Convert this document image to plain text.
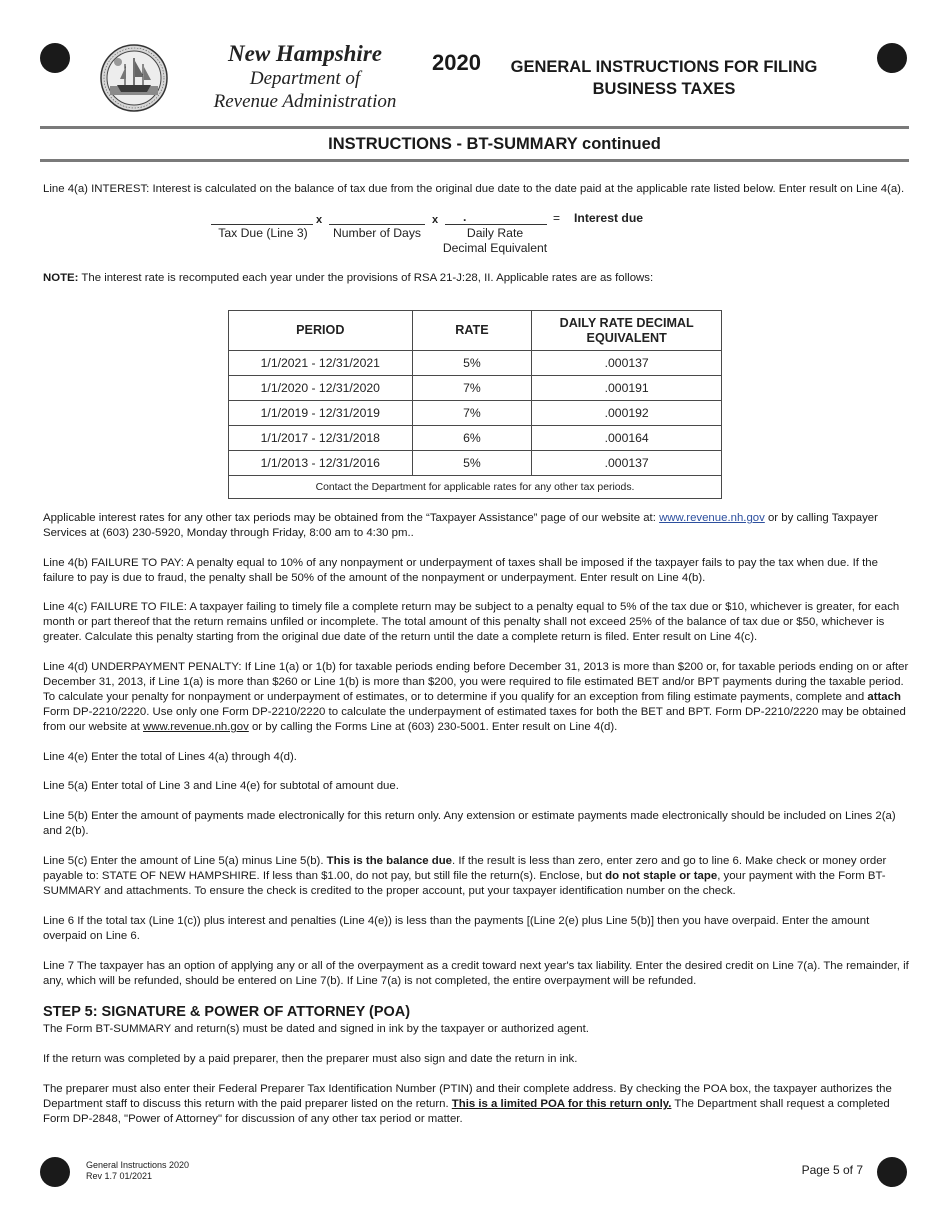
New Hampshire
Department of
Revenue Administration
2020	GENERAL INSTRUCTIONS FOR FILING
BUSINESS TAXES
INSTRUCTIONS - BT-SUMMARY continued
Line 4(a) INTEREST: Interest is calculated on the balance of tax due from the original due date to the date paid at the applicable rate listed below. Enter result on Line 4(a).
x	x .	= Interest due
Tax Due (Line 3)	Number of Days	Daily Rate
Decimal Equivalent
NOTE: The interest rate is recomputed each year under the provisions of RSA 21-J:28, II. Applicable rates are as follows:
PERIOD	RATE	DAILY RATE DECIMAL EQUIVALENT
1/1/2021 - 12/31/2021	5%	.000137
1/1/2020 - 12/31/2020	7%	.000191
1/1/2019 - 12/31/2019	7%	.000192
1/1/2017 - 12/31/2018	6%	.000164
1/1/2013 - 12/31/2016	5%	.000137
Contact the Department for applicable rates for any other tax periods.		
Applicable interest rates for any other tax periods may be obtained from the “Taxpayer Assistance” page of our website at: www.revenue.nh.gov or by calling Taxpayer Services at (603) 230-5920, Monday through Friday, 8:00 am to 4:30 pm..
Line 4(b) FAILURE TO PAY: A penalty equal to 10% of any nonpayment or underpayment of taxes shall be imposed if the taxpayer fails to pay the tax when due. If the failure to pay is due to fraud, the penalty shall be 50% of the amount of the nonpayment or underpayment. Enter result on Line 4(b).
Line 4(c) FAILURE TO FILE: A taxpayer failing to timely file a complete return may be subject to a penalty equal to 5% of the tax due or $10, whichever is greater, for each month or part thereof that the return remains unfiled or incomplete. The total amount of this penalty shall not exceed 25% of the balance of tax due or $50, whichever is greater. Calculate this penalty starting from the original due date of the return until the date a complete return is filed. Enter result on Line 4(c).
Line 4(d) UNDERPAYMENT PENALTY: If Line 1(a) or 1(b) for taxable periods ending before December 31, 2013 is more than $200 or, for taxable periods ending on or after December 31, 2013, if Line 1(a) is more than $260 or Line 1(b) is more than $200, you were required to file estimated BET and/or BPT payments during the taxable period. To calculate your penalty for nonpayment or underpayment of estimates, or to determine if you qualify for an exception from filing estimate payments, complete and attach Form DP-2210/2220. Use only one Form DP-2210/2220 to calculate the underpayment of estimated taxes for both the BET and BPT. Form DP-2210/2220 may be obtained from our website at www.revenue.nh.gov or by calling the Forms Line at (603) 230-5001. Enter result on Line 4(d).
Line 4(e) Enter the total of Lines 4(a) through 4(d).
Line 5(a) Enter total of Line 3 and Line 4(e) for subtotal of amount due.
Line 5(b) Enter the amount of payments made electronically for this return only. Any extension or estimate payments made electronically should be included on Lines 2(a) and 2(b).
Line 5(c) Enter the amount of Line 5(a) minus Line 5(b). This is the balance due. If the result is less than zero, enter zero and go to line 6. Make check or money order payable to: STATE OF NEW HAMPSHIRE. If less than $1.00, do not pay, but still file the return(s). Enclose, but do not staple or tape, your payment with the Form BT-SUMMARY and attachments. To ensure the check is credited to the proper account, put your taxpayer identification number on the check.
Line 6 If the total tax (Line 1(c)) plus interest and penalties (Line 4(e)) is less than the payments [(Line 2(e) plus Line 5(b)] then you have overpaid. Enter the amount overpaid on Line 6.
Line 7 The taxpayer has an option of applying any or all of the overpayment as a credit toward next year's tax liability. Enter the desired credit on Line 7(a). The remainder, if any, which will be refunded, should be entered on Line 7(b). If Line 7(a) is not completed, the entire overpayment will be refunded.
STEP 5: SIGNATURE & POWER OF ATTORNEY (POA)
The Form BT-SUMMARY and return(s) must be dated and signed in ink by the taxpayer or authorized agent.
If the return was completed by a paid preparer, then the preparer must also sign and date the return in ink.
The preparer must also enter their Federal Preparer Tax Identification Number (PTIN) and their complete address. By checking the POA box, the taxpayer authorizes the Department staff to discuss this return with the paid preparer listed on the return. This is a limited POA for this return only. The Department shall request a completed Form DP-2848, "Power of Attorney" for discussion of any other tax period or matter.
General Instructions 2020
Rev 1.7 01/2021	Page 5 of 7
